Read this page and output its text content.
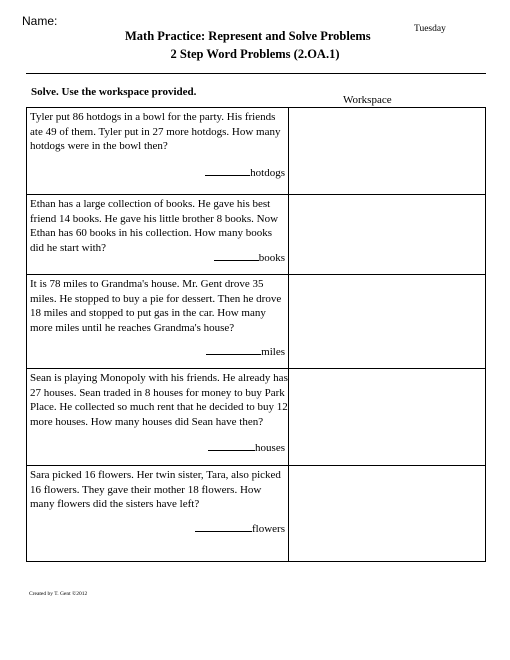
Name:
Tuesday
Math Practice: Represent and Solve Problems
2 Step Word Problems (2.OA.1)
Solve. Use the workspace provided.
Workspace
Tyler put 86 hotdogs in a bowl for the party. His friends ate 49 of them. Tyler put in 27 more hotdogs. How many hotdogs were in the bowl then?
hotdogs
Ethan has a large collection of books. He gave his best friend 14 books. He gave his little brother 8 books. Now Ethan has 60 books in his collection. How many books did he start with?
books
It is 78 miles to Grandma's house. Mr. Gent drove 35 miles. He stopped to buy a pie for dessert. Then he drove 18 miles and stopped to put gas in the car. How many more miles until he reaches Grandma's house?
miles
Sean is playing Monopoly with his friends. He already has 27 houses. Sean traded in 8 houses for money to buy Park Place. He collected so much rent that he decided to buy 12 more houses. How many houses did Sean have then?
houses
Sara picked 16 flowers. Her twin sister, Tara, also picked 16 flowers. They gave their mother 18 flowers. How many flowers did the sisters have left?
flowers
Created by T. Gent ©2012
